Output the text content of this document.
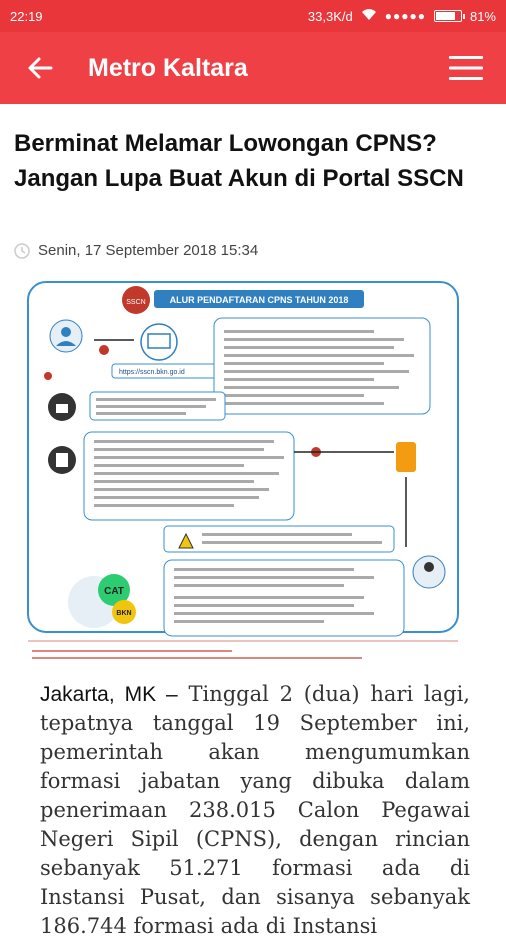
22:19	33,3K/d	●●●●●	81%
Metro Kaltara
Berminat Melamar Lowongan CPNS? Jangan Lupa Buat Akun di Portal SSCN
Senin, 17 September 2018 15:34
ALUR PENDAFTARAN CPNS TAHUN 2018
SSCN
https://sscn.bkn.go.id
CAT
BKN

Jakarta, MK – Tinggal 2 (dua) hari lagi, tepatnya tanggal 19 September ini, pemerintah akan mengumumkan formasi jabatan yang dibuka dalam penerimaan 238.015 Calon Pegawai Negeri Sipil (CPNS), dengan rincian sebanyak 51.271 formasi ada di Instansi Pusat, dan sisanya sebanyak 186.744 formasi ada di Instansi
